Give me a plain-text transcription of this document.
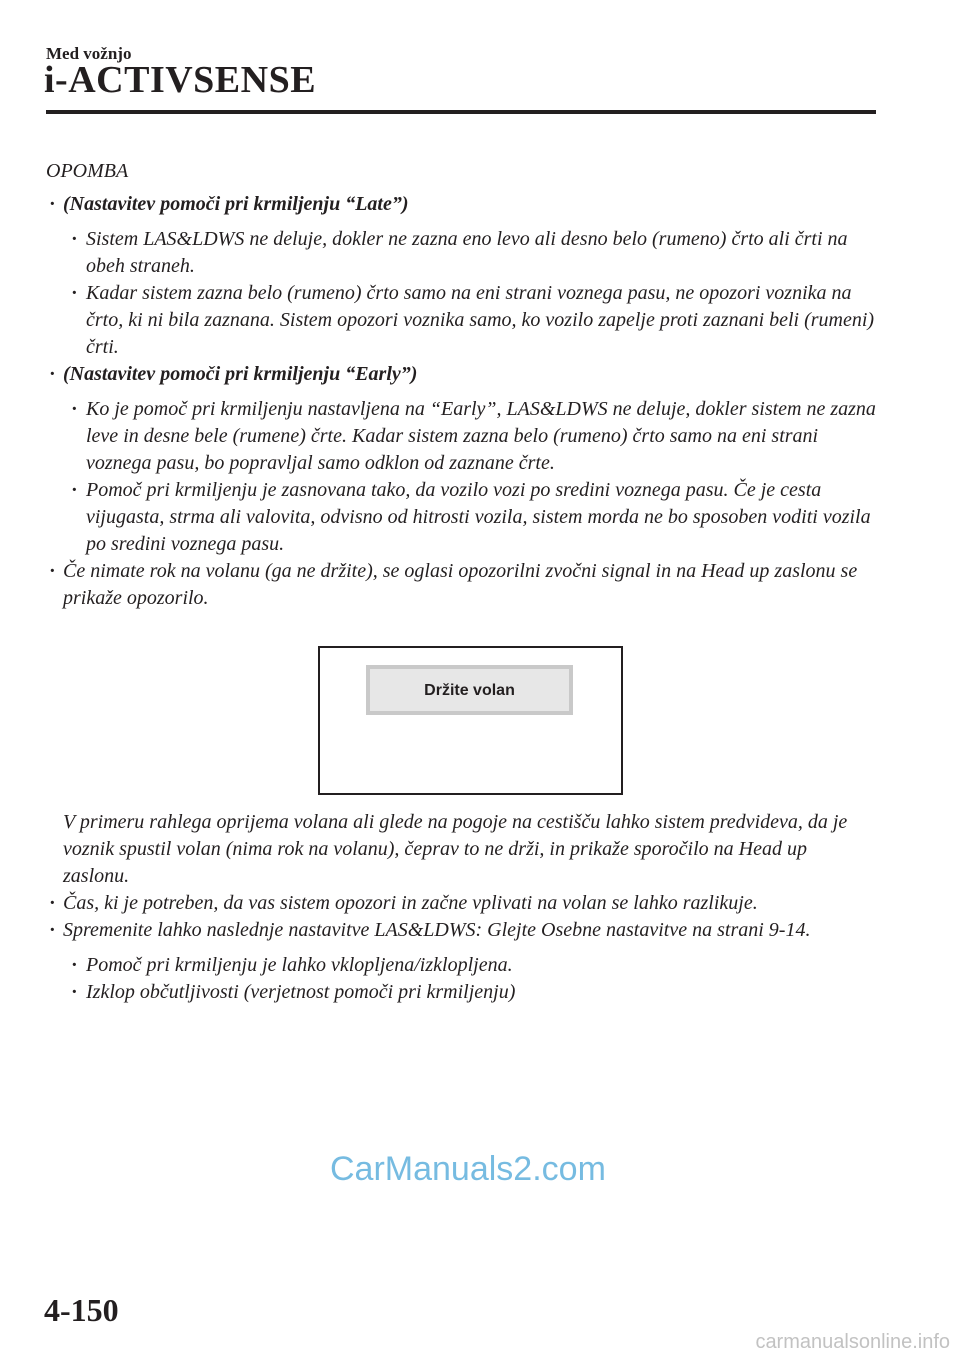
Med vožnjo
i-ACTIVSENSE

OPOMBA

· (Nastavitev pomoči pri krmiljenju “Late”)
· Sistem LAS&LDWS ne deluje, dokler ne zazna eno levo ali desno belo (rumeno) črto ali črti na obeh straneh.
· Kadar sistem zazna belo (rumeno) črto samo na eni strani voznega pasu, ne opozori voznika na črto, ki ni bila zaznana. Sistem opozori voznika samo, ko vozilo zapelje proti zaznani beli (rumeni) črti.
· (Nastavitev pomoči pri krmiljenju “Early”)
· Ko je pomoč pri krmiljenju nastavljena na “Early”, LAS&LDWS ne deluje, dokler sistem ne zazna leve in desne bele (rumene) črte. Kadar sistem zazna belo (rumeno) črto samo na eni strani voznega pasu, bo popravljal samo odklon od zaznane črte.
· Pomoč pri krmiljenju je zasnovana tako, da vozilo vozi po sredini voznega pasu. Če je cesta vijugasta, strma ali valovita, odvisno od hitrosti vozila, sistem morda ne bo sposoben voditi vozila po sredini voznega pasu.
· Če nimate rok na volanu (ga ne držite), se oglasi opozorilni zvočni signal in na Head up zaslonu se prikaže opozorilo.
Držite volan

V primeru rahlega oprijema volana ali glede na pogoje na cestišču lahko sistem predvideva, da je voznik spustil volan (nima rok na volanu), čeprav to ne drži, in prikaže sporočilo na Head up zaslonu.

· Čas, ki je potreben, da vas sistem opozori in začne vplivati na volan se lahko razlikuje.
· Spremenite lahko naslednje nastavitve LAS&LDWS: Glejte Osebne nastavitve na strani 9-14.
· Pomoč pri krmiljenju je lahko vklopljena/izklopljena.
· Izklop občutljivosti (verjetnost pomoči pri krmiljenju)
CarManuals2.com
4-150
carmanualsonline.info
